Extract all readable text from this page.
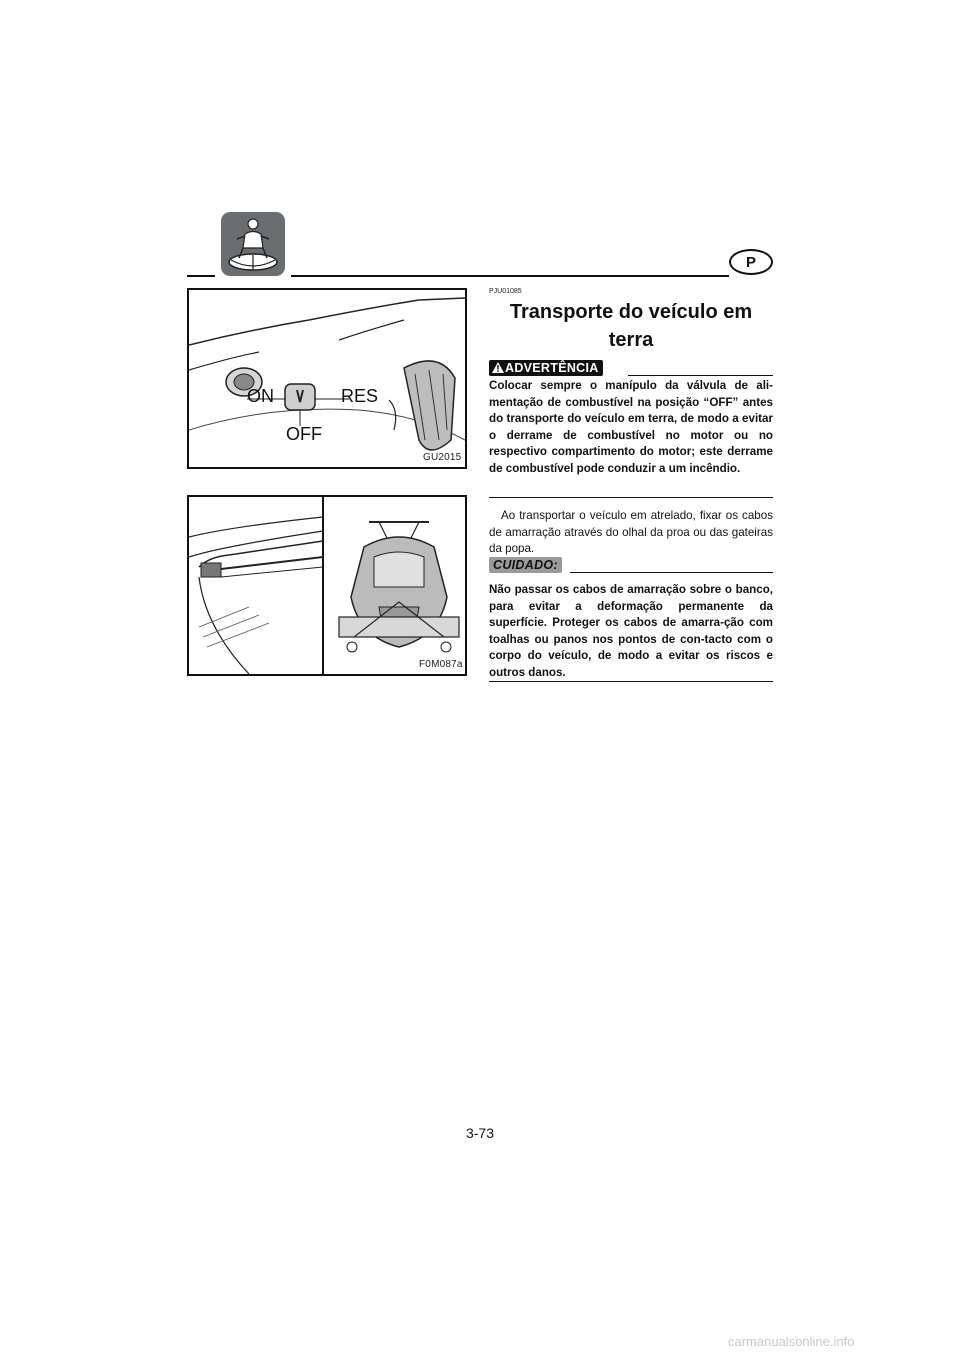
P
ON	RES
OFF
GU2015
F0M087a
PJU01085
Transporte do veículo em terra
ADVERTÊNCIA

Colocar sempre o manípulo da válvula de ali-mentação de combustível na posição “OFF” antes do transporte do veículo em terra, de modo a evitar o derrame de combustível no motor ou no respectivo compartimento do motor; este derrame de combustível pode conduzir a um incêndio.

Ao transportar o veículo em atrelado, fixar os cabos de amarração através do olhal da proa ou das gateiras da popa.

CUIDADO:

Não passar os cabos de amarração sobre o banco, para evitar a deformação permanente da superfície. Proteger os cabos de amarra-ção com toalhas ou panos nos pontos de con-tacto com o corpo do veículo, de modo a evitar os riscos e outros danos.

3-73
carmanualsonline.info
